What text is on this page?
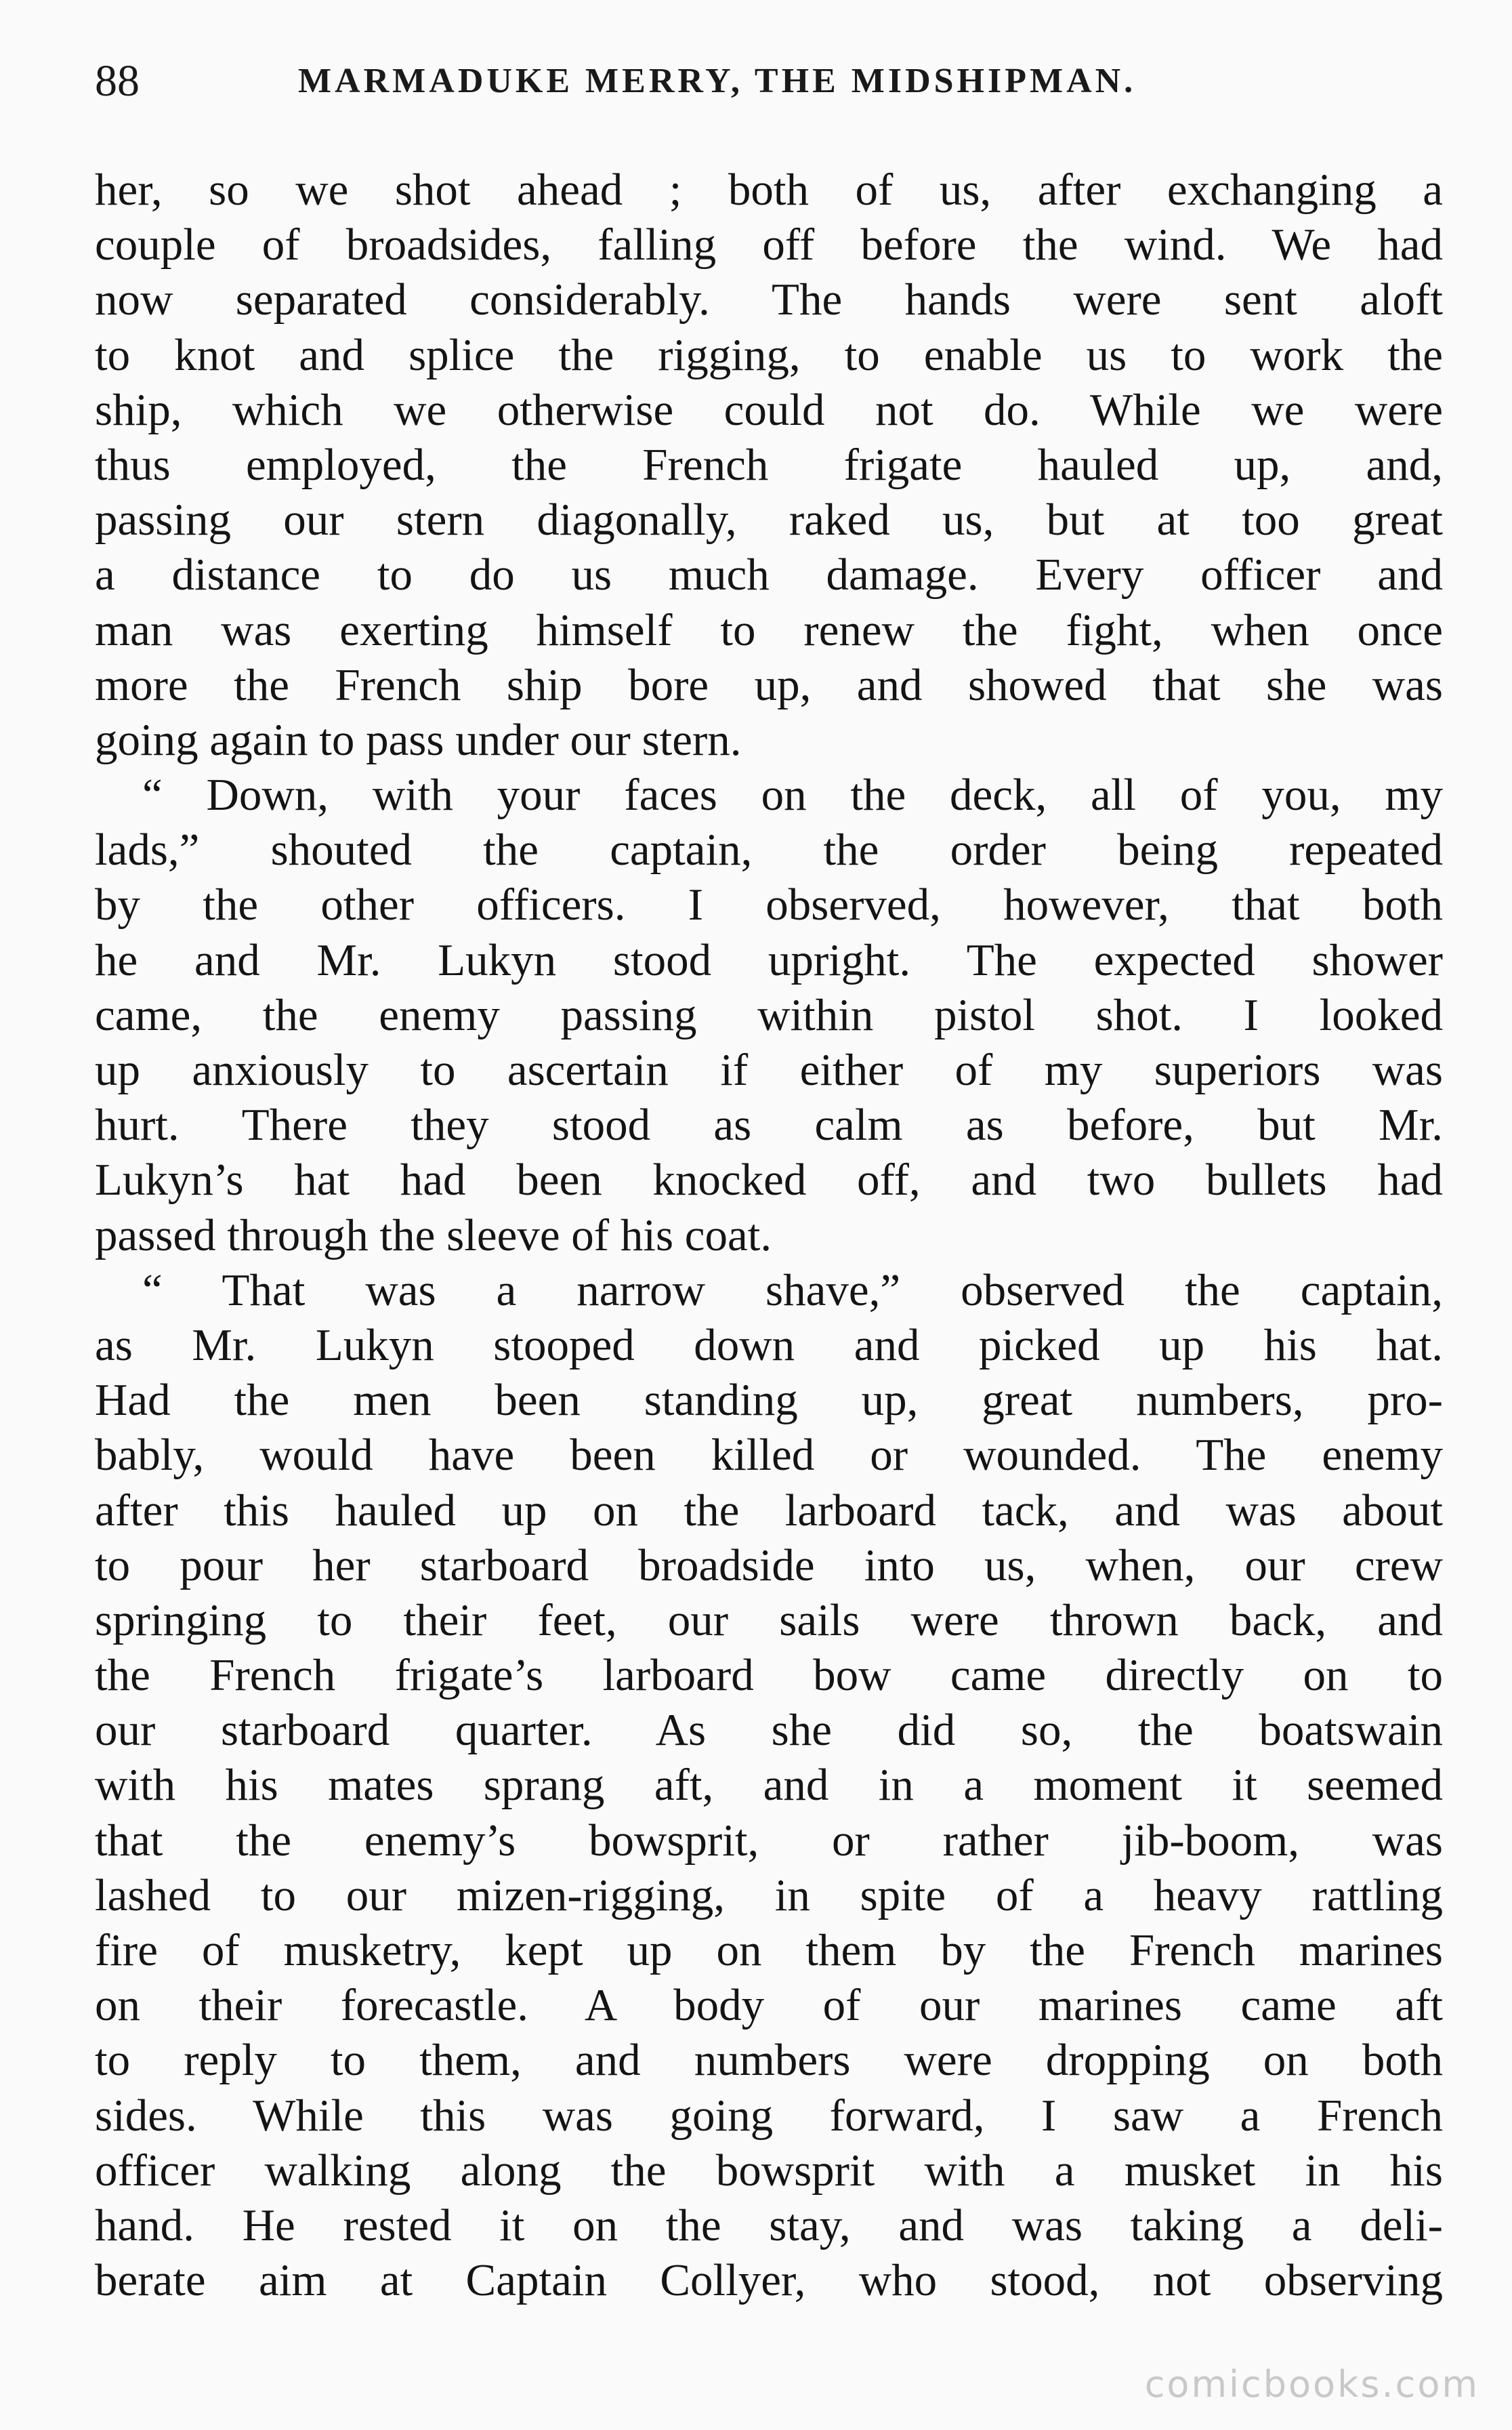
88	MARMADUKE MERRY, THE MIDSHIPMAN.
her, so we shot ahead ; both of us, after exchanging a
couple of broadsides, falling off before the wind. We had
now separated considerably. The hands were sent aloft
to knot and splice the rigging, to enable us to work the
ship, which we otherwise could not do. While we were
thus employed, the French frigate hauled up, and,
passing our stern diagonally, raked us, but at too great
a distance to do us much damage. Every officer and
man was exerting himself to renew the fight, when once
more the French ship bore up, and showed that she was
going again to pass under our stern.
“ Down, with your faces on the deck, all of you, my
lads,” shouted the captain, the order being repeated
by the other officers. I observed, however, that both
he and Mr. Lukyn stood upright. The expected shower
came, the enemy passing within pistol shot. I looked
up anxiously to ascertain if either of my superiors was
hurt. There they stood as calm as before, but Mr.
Lukyn’s hat had been knocked off, and two bullets had
passed through the sleeve of his coat.
“ That was a narrow shave,” observed the captain,
as Mr. Lukyn stooped down and picked up his hat.
Had the men been standing up, great numbers, pro-
bably, would have been killed or wounded. The enemy
after this hauled up on the larboard tack, and was about
to pour her starboard broadside into us, when, our crew
springing to their feet, our sails were thrown back, and
the French frigate’s larboard bow came directly on to
our starboard quarter. As she did so, the boatswain
with his mates sprang aft, and in a moment it seemed
that the enemy’s bowsprit, or rather jib-boom, was
lashed to our mizen-rigging, in spite of a heavy rattling
fire of musketry, kept up on them by the French marines
on their forecastle. A body of our marines came aft
to reply to them, and numbers were dropping on both
sides. While this was going forward, I saw a French
officer walking along the bowsprit with a musket in his
hand. He rested it on the stay, and was taking a deli-
berate aim at Captain Collyer, who stood, not observing
comicbooks.com
